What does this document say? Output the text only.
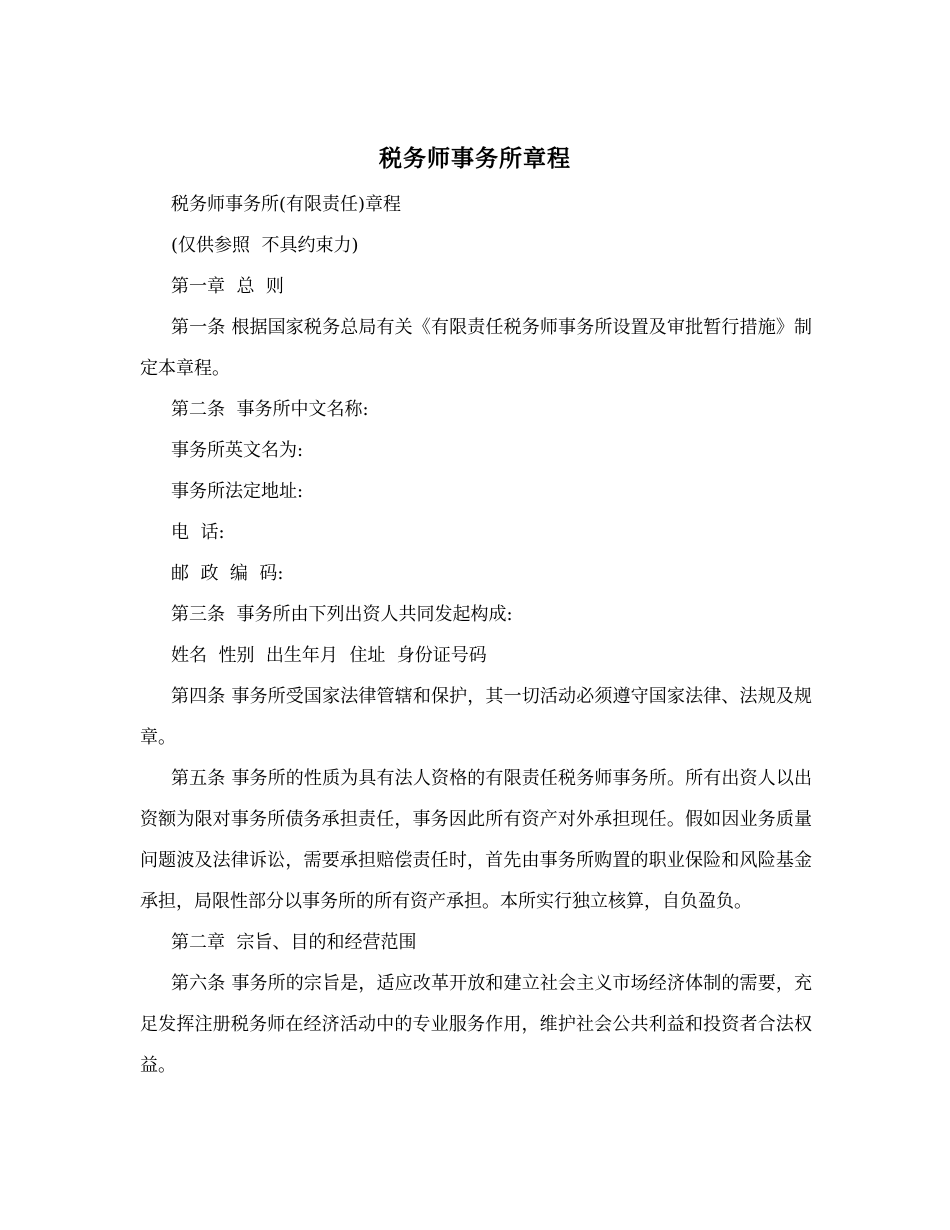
税务师事务所章程

税务师事务所(有限责任)章程

(仅供参照  不具约束力)

第一章  总  则

第一条 根据国家税务总局有关《有限责任税务师事务所设置及审批暂行措施》制定本章程。

第二条  事务所中文名称:

事务所英文名为:

事务所法定地址:

电  话:

邮  政  编  码:

第三条  事务所由下列出资人共同发起构成:

姓名  性别  出生年月  住址  身份证号码

第四条 事务所受国家法律管辖和保护，其一切活动必须遵守国家法律、法规及规章。

第五条 事务所的性质为具有法人资格的有限责任税务师事务所。所有出资人以出资额为限对事务所债务承担责任，事务因此所有资产对外承担现任。假如因业务质量问题波及法律诉讼，需要承担赔偿责任时，首先由事务所购置的职业保险和风险基金承担，局限性部分以事务所的所有资产承担。本所实行独立核算，自负盈负。

第二章  宗旨、目的和经营范围

第六条 事务所的宗旨是，适应改革开放和建立社会主义市场经济体制的需要，充足发挥注册税务师在经济活动中的专业服务作用，维护社会公共利益和投资者合法权益。
